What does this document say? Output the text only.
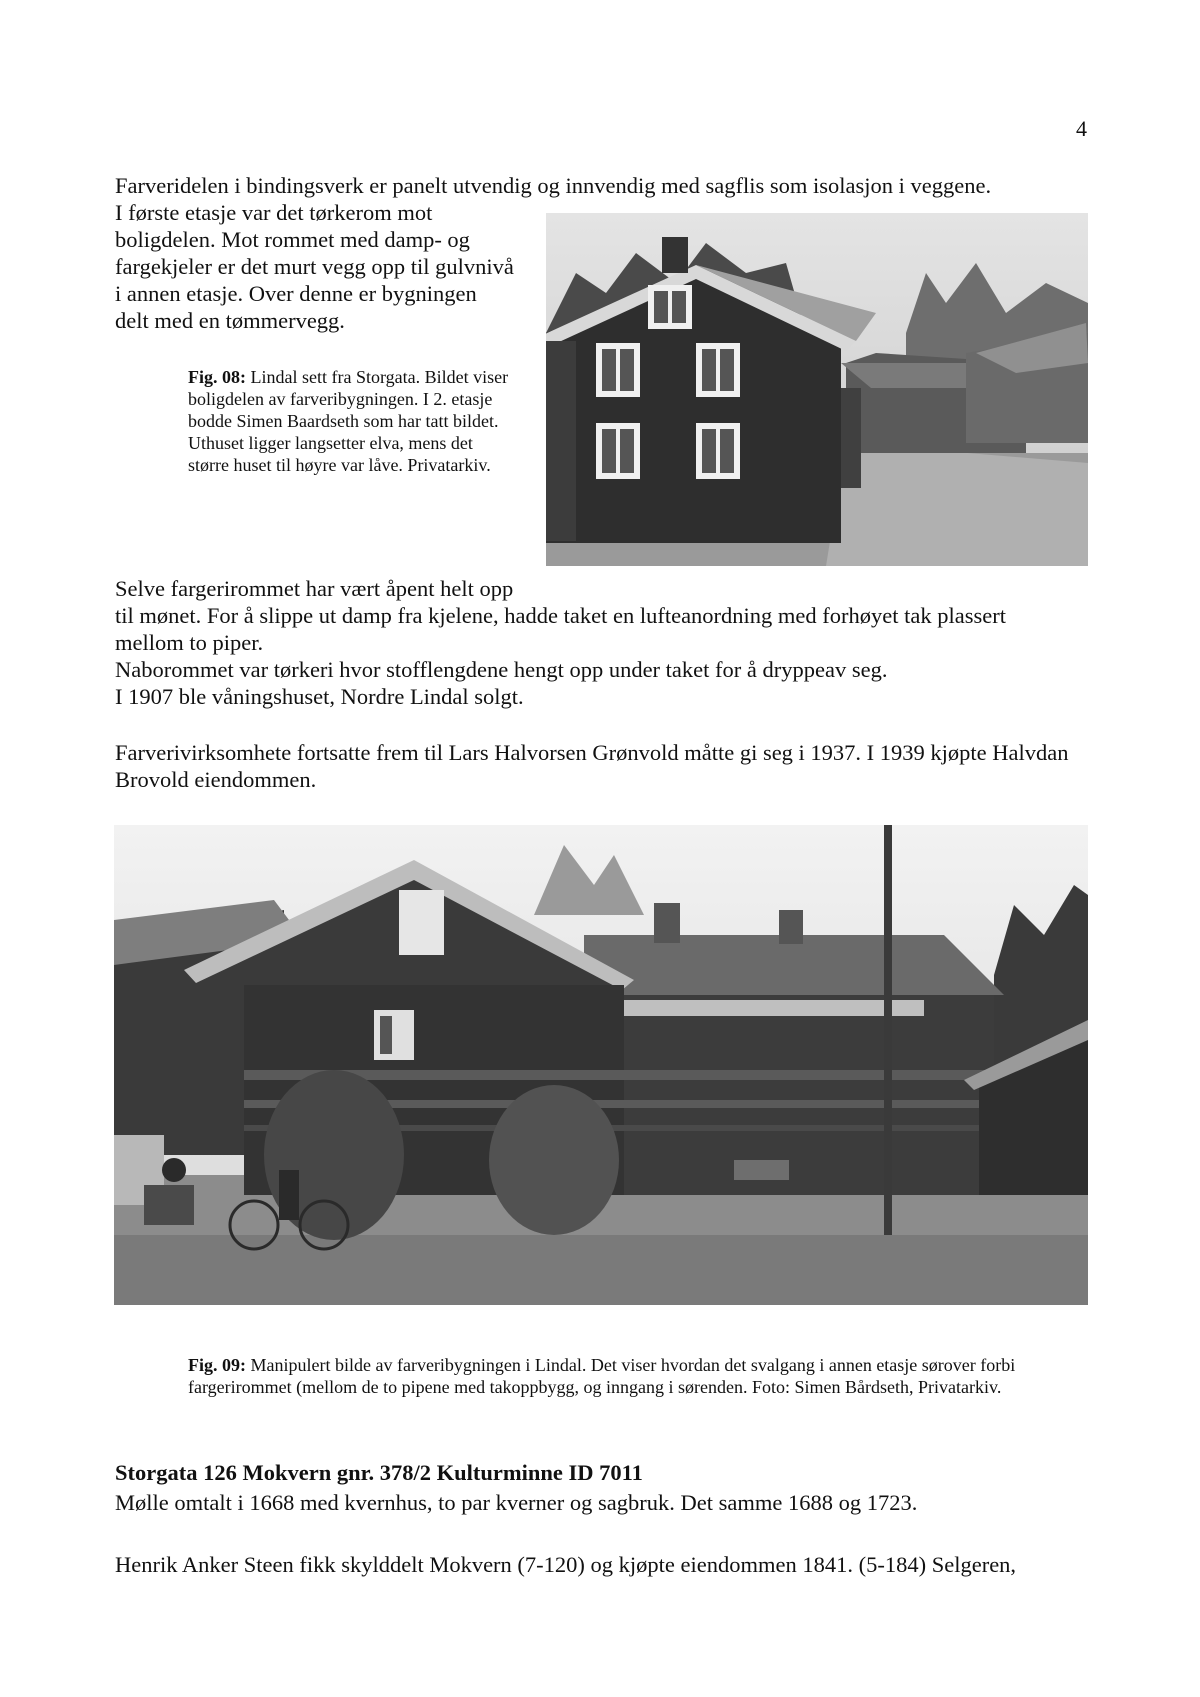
4

Farveridelen i bindingsverk er panelt utvendig og innvendig med sagflis som isolasjon i veggene.

I første etasje var det tørkerom mot boligdelen. Mot rommet med damp- og fargekjeler er det murt vegg opp til gulvnivå i annen etasje. Over denne er bygningen delt med en tømmervegg.

Fig. 08: Lindal sett fra Storgata. Bildet viser boligdelen av farveribygningen. I 2. etasje bodde Simen Baardseth som har tatt bildet. Uthuset ligger langsetter elva, mens det større huset til høyre var låve. Privatarkiv.

Selve fargerirommet har vært åpent helt opp
til mønet. For å slippe ut damp fra kjelene, hadde taket en lufteanordning med forhøyet tak plassert
mellom to piper.
Naborommet var tørkeri hvor stofflengdene hengt opp under taket for å dryppeav seg.
I 1907 ble våningshuset, Nordre Lindal solgt.

Farverivirksomhete fortsatte frem til Lars Halvorsen Grønvold måtte gi seg i 1937. I 1939 kjøpte Halvdan Brovold eiendommen.

Fig. 09: Manipulert bilde av farveribygningen i Lindal. Det viser hvordan det svalgang i annen etasje sørover forbi fargerirommet (mellom de to pipene med takoppbygg, og inngang i sørenden. Foto: Simen Bårdseth, Privatarkiv.

Storgata 126 Mokvern gnr. 378/2 Kulturminne ID 7011

Mølle omtalt i 1668 med kvernhus, to par kverner og sagbruk. Det samme 1688 og 1723.

Henrik Anker Steen fikk skylddelt Mokvern (7-120) og kjøpte eiendommen 1841. (5-184) Selgeren,
